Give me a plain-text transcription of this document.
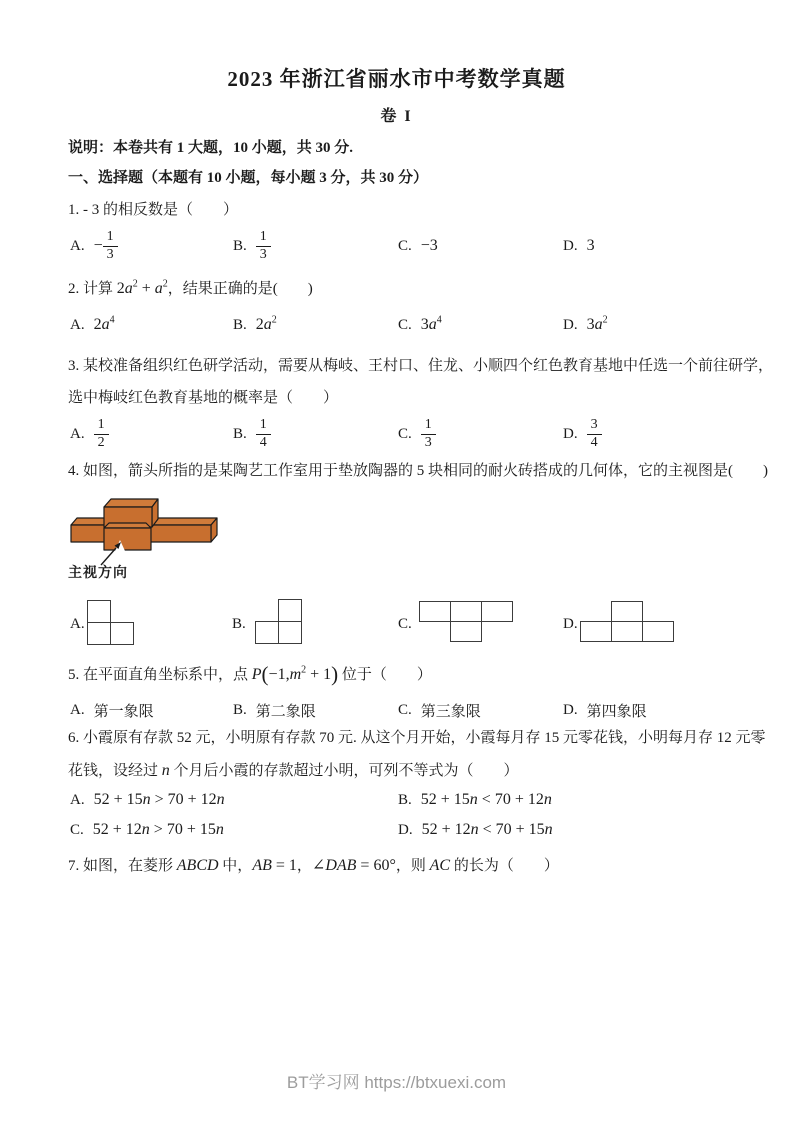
2023 年浙江省丽水市中考数学真题
卷 I
说明：本卷共有 1 大题，10 小题，共 30 分.
一、选择题（本题有 10 小题，每小题 3 分，共 30 分）
1. - 3 的相反数是（　　）
A. − $\frac{1}{3}$	B. $\frac{1}{3}$	C. −3	D. 3
2. 计算 $2a^2 + a^2$，结果正确的是(　　)
A. $2a^4$	B. $2a^2$	C. $3a^4$	D. $3a^2$
3. 某校准备组织红色研学活动，需要从梅岐、王村口、住龙、小顺四个红色教育基地中任选一个前往研学，
选中梅岐红色教育基地的概率是（　　）
A. $\frac{1}{2}$	B. $\frac{1}{4}$	C. $\frac{1}{3}$	D. $\frac{3}{4}$
4. 如图，箭头所指的是某陶艺工作室用于垫放陶器的 5 块相同的耐火砖搭成的几何体，它的主视图是(　　)
主视方向
A.	B.	C.	D.
5. 在平面直角坐标系中，点 $P(-1,m^2 + 1)$ 位于（　　）
A. 第一象限	B. 第二象限	C. 第三象限	D. 第四象限
6. 小霞原有存款 52 元，小明原有存款 70 元. 从这个月开始，小霞每月存 15 元零花钱，小明每月存 12 元零
花钱，设经过 n 个月后小霞的存款超过小明，可列不等式为（　　）
A. 52 + 15n > 70 + 12n	B. 52 + 15n < 70 + 12n
C. 52 + 12n > 70 + 15n	D. 52 + 12n < 70 + 15n
7. 如图，在菱形 ABCD 中，AB = 1，∠DAB = 60°，则 AC 的长为（　　）
BT学习网 https://btxuexi.com
